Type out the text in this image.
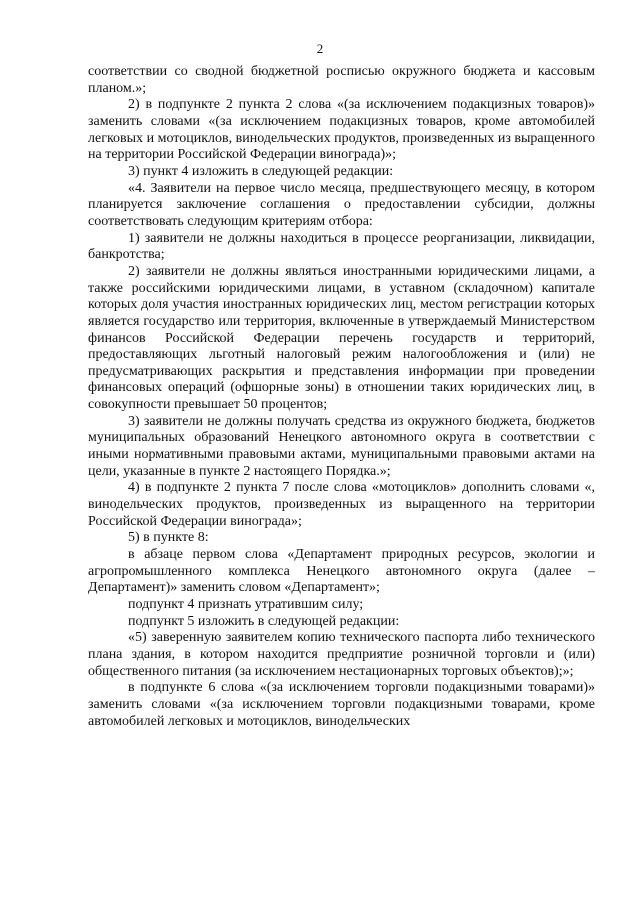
2

соответствии со сводной бюджетной росписью окружного бюджета и кассовым планом.»;

2) в подпункте 2 пункта 2 слова «(за исключением подакцизных товаров)» заменить словами «(за исключением подакцизных товаров, кроме автомобилей легковых и мотоциклов, винодельческих продуктов, произведенных из выращенного на территории Российской Федерации винограда)»;

3) пункт 4 изложить в следующей редакции:

«4. Заявители на первое число месяца, предшествующего месяцу, в котором планируется заключение соглашения о предоставлении субсидии, должны соответствовать следующим критериям отбора:

1) заявители не должны находиться в процессе реорганизации, ликвидации, банкротства;

2) заявители не должны являться иностранными юридическими лицами, а также российскими юридическими лицами, в уставном (складочном) капитале которых доля участия иностранных юридических лиц, местом регистрации которых является государство или территория, включенные в утверждаемый Министерством финансов Российской Федерации перечень государств и территорий, предоставляющих льготный налоговый режим налогообложения и (или) не предусматривающих раскрытия и представления информации при проведении финансовых операций (офшорные зоны) в отношении таких юридических лиц, в совокупности превышает 50 процентов;

3) заявители не должны получать средства из окружного бюджета, бюджетов муниципальных образований Ненецкого автономного округа в соответствии с иными нормативными правовыми актами, муниципальными правовыми актами на цели, указанные в пункте 2 настоящего Порядка.»;

4) в подпункте 2 пункта 7 после слова «мотоциклов» дополнить словами «, винодельческих продуктов, произведенных из выращенного на территории Российской Федерации винограда»;

5) в пункте 8:

в абзаце первом слова «Департамент природных ресурсов, экологии и агропромышленного комплекса Ненецкого автономного округа (далее – Департамент)» заменить словом «Департамент»;

подпункт 4 признать утратившим силу;

подпункт 5 изложить в следующей редакции:

«5) заверенную заявителем копию технического паспорта либо технического плана здания, в котором находится предприятие розничной торговли и (или) общественного питания (за исключением нестационарных торговых объектов);»;

в подпункте 6 слова «(за исключением торговли подакцизными товарами)» заменить словами «(за исключением торговли подакцизными товарами, кроме автомобилей легковых и мотоциклов, винодельческих
